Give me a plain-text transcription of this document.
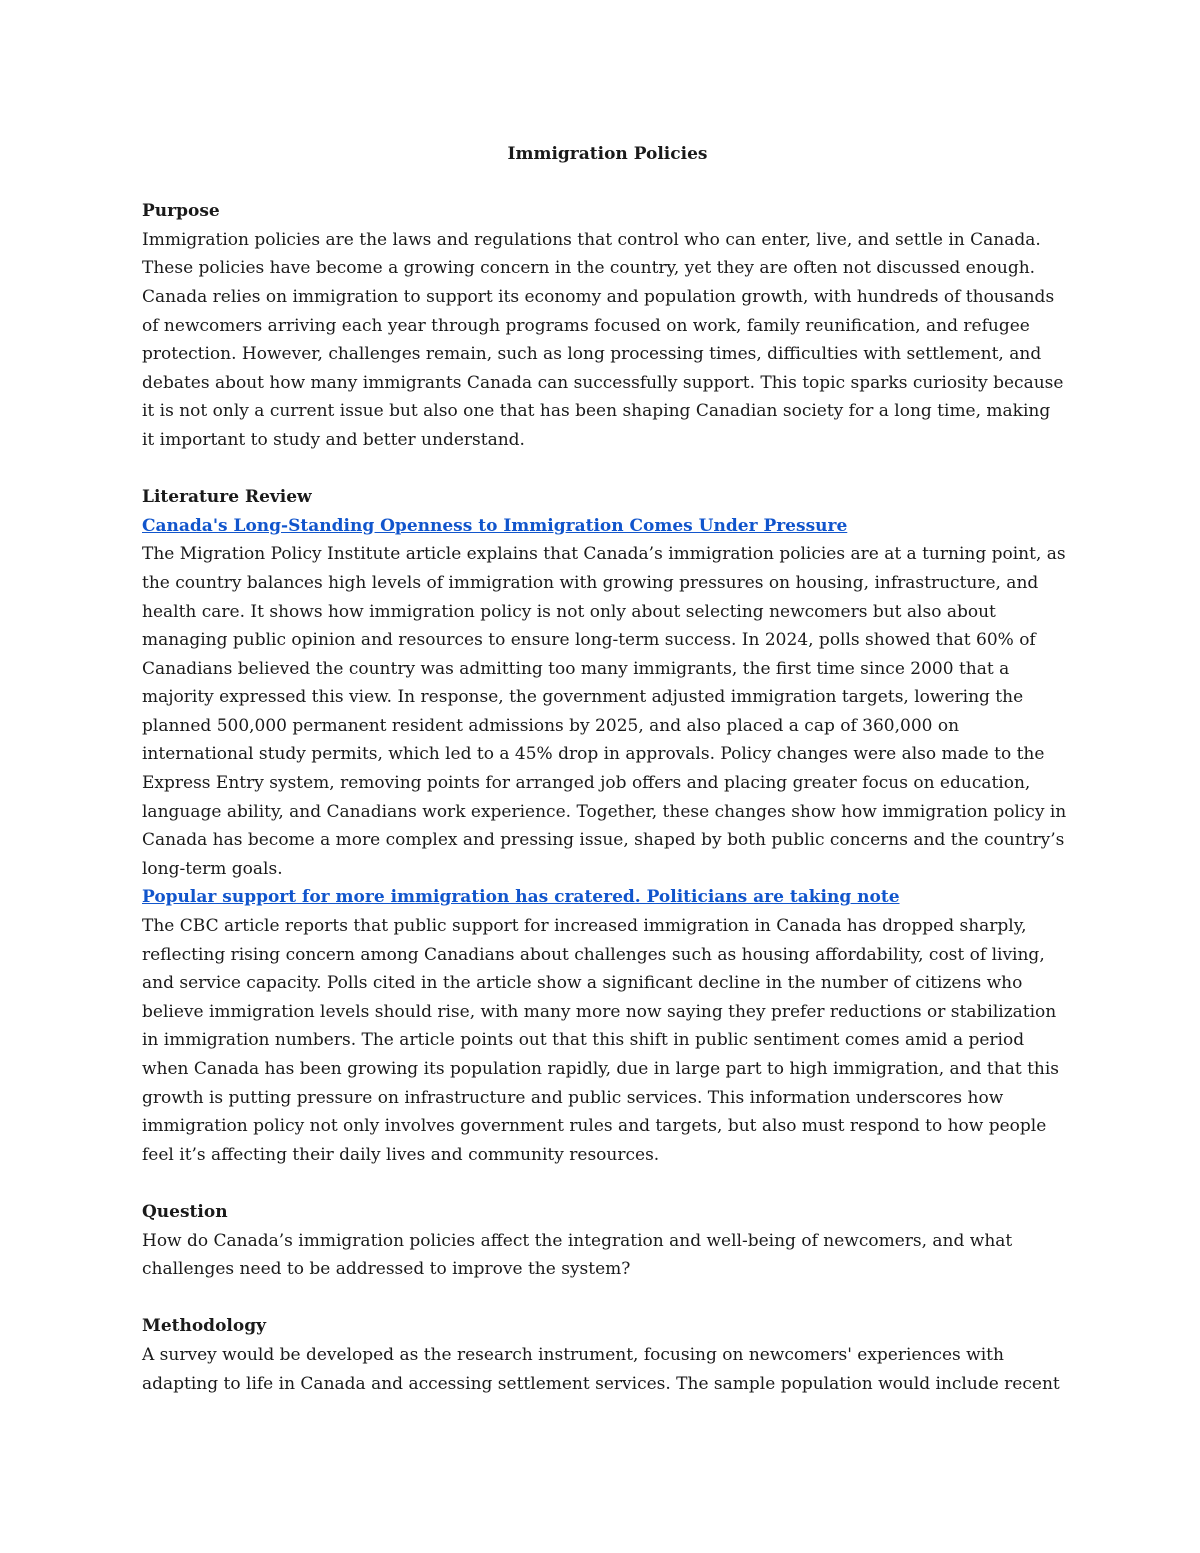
Immigration Policies

Purpose

Immigration policies are the laws and regulations that control who can enter, live, and settle in Canada. These policies have become a growing concern in the country, yet they are often not discussed enough. Canada relies on immigration to support its economy and population growth, with hundreds of thousands of newcomers arriving each year through programs focused on work, family reunification, and refugee protection. However, challenges remain, such as long processing times, difficulties with settlement, and debates about how many immigrants Canada can successfully support. This topic sparks curiosity because it is not only a current issue but also one that has been shaping Canadian society for a long time, making it important to study and better understand.

Literature Review

Canada's Long-Standing Openness to Immigration Comes Under Pressure

The Migration Policy Institute article explains that Canada’s immigration policies are at a turning point, as the country balances high levels of immigration with growing pressures on housing, infrastructure, and health care. It shows how immigration policy is not only about selecting newcomers but also about managing public opinion and resources to ensure long-term success. In 2024, polls showed that 60% of Canadians believed the country was admitting too many immigrants, the first time since 2000 that a majority expressed this view. In response, the government adjusted immigration targets, lowering the planned 500,000 permanent resident admissions by 2025, and also placed a cap of 360,000 on international study permits, which led to a 45% drop in approvals. Policy changes were also made to the Express Entry system, removing points for arranged job offers and placing greater focus on education, language ability, and Canadians work experience. Together, these changes show how immigration policy in Canada has become a more complex and pressing issue, shaped by both public concerns and the country’s long-term goals.

Popular support for more immigration has cratered. Politicians are taking note

The CBC article reports that public support for increased immigration in Canada has dropped sharply, reflecting rising concern among Canadians about challenges such as housing affordability, cost of living, and service capacity. Polls cited in the article show a significant decline in the number of citizens who believe immigration levels should rise, with many more now saying they prefer reductions or stabilization in immigration numbers. The article points out that this shift in public sentiment comes amid a period when Canada has been growing its population rapidly, due in large part to high immigration, and that this growth is putting pressure on infrastructure and public services. This information underscores how immigration policy not only involves government rules and targets, but also must respond to how people feel it’s affecting their daily lives and community resources.

Question

How do Canada’s immigration policies affect the integration and well-being of newcomers, and what challenges need to be addressed to improve the system?

Methodology

A survey would be developed as the research instrument, focusing on newcomers' experiences with adapting to life in Canada and accessing settlement services. The sample population would include recent
